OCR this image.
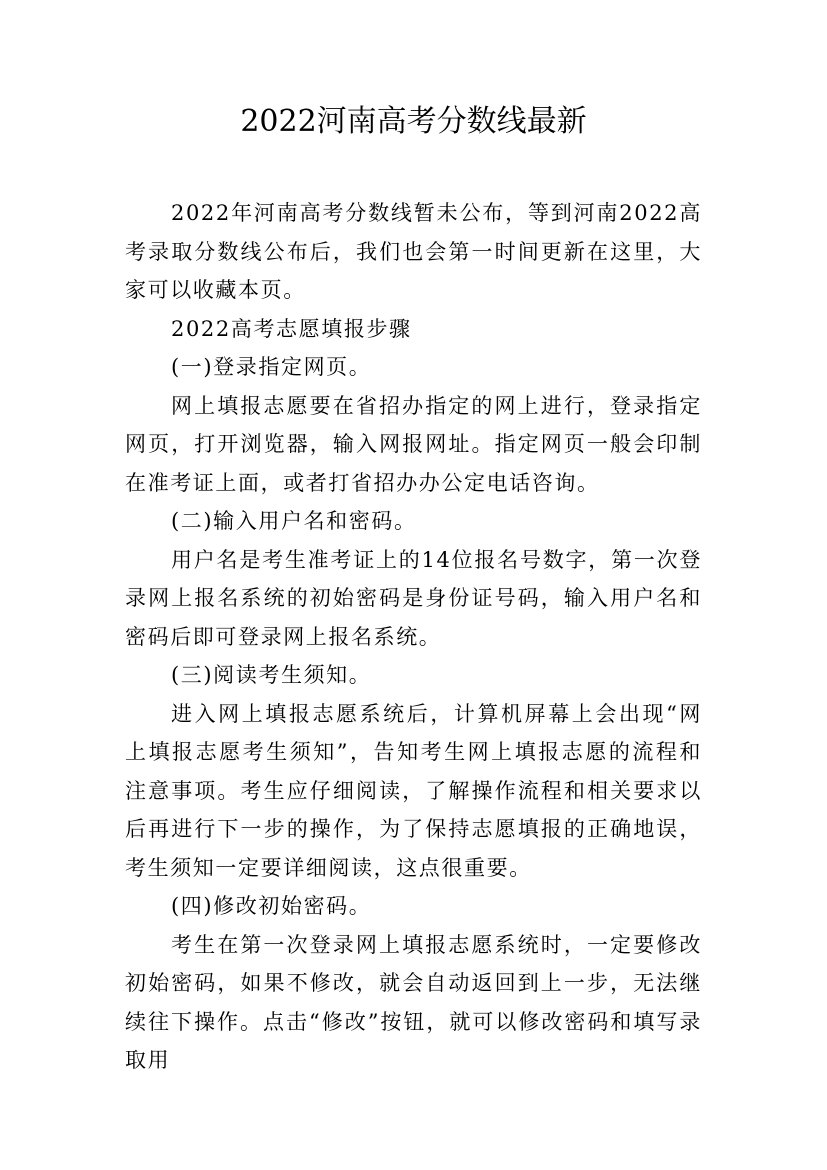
2022河南高考分数线最新

2022年河南高考分数线暂未公布，等到河南2022高考录取分数线公布后，我们也会第一时间更新在这里，大家可以收藏本页。

2022高考志愿填报步骤

(一)登录指定网页。

网上填报志愿要在省招办指定的网上进行，登录指定网页，打开浏览器，输入网报网址。指定网页一般会印制在准考证上面，或者打省招办办公定电话咨询。

(二)输入用户名和密码。

用户名是考生准考证上的14位报名号数字，第一次登录网上报名系统的初始密码是身份证号码，输入用户名和密码后即可登录网上报名系统。

(三)阅读考生须知。

进入网上填报志愿系统后，计算机屏幕上会出现“网上填报志愿考生须知”，告知考生网上填报志愿的流程和注意事项。考生应仔细阅读，了解操作流程和相关要求以后再进行下一步的操作，为了保持志愿填报的正确地误，考生须知一定要详细阅读，这点很重要。

(四)修改初始密码。

考生在第一次登录网上填报志愿系统时，一定要修改初始密码，如果不修改，就会自动返回到上一步，无法继续往下操作。点击“修改”按钮，就可以修改密码和填写录取用
